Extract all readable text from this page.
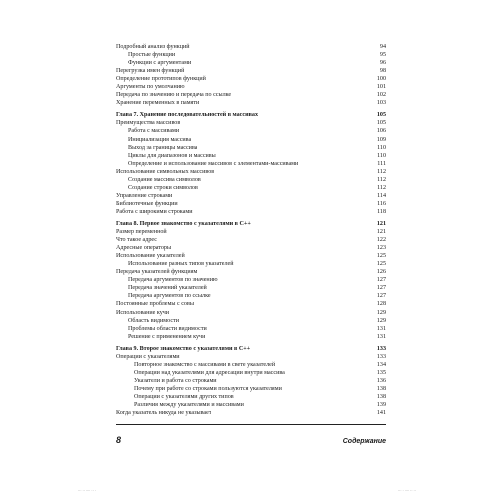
Подробный анализ функций	94
Простые функции	95
Функции с аргументами	96
Перегрузка имен функций	98
Определение прототипов функций	100
Аргументы по умолчанию	101
Передача по значению и передача по ссылке	102
Хранение переменных в памяти	103
Глава 7. Хранение последовательностей в массивах	105
Преимущества массивов	105
Работа с массивами	106
Инициализация массива	109
Выход за границы массива	110
Циклы для диапазонов и массивы	110
Определение и использование массивов с элементами-массивами	111
Использование символьных массивов	112
Создание массива символов	112
Создание строки символов	112
Управление строками	114
Библиотечные функции	116
Работа с широкими строками	118
Глава 8. Первое знакомство с указателями в C++	121
Размер переменной	121
Что такое адрес	122
Адресные операторы	123
Использование указателей	125
Использование разных типов указателей	125
Передача указателей функциям	126
Передача аргументов по значению	127
Передача значений указателей	127
Передача аргументов по ссылке	127
Постоянные проблемы с совы	128
Использование кучи	129
Область видимости	129
Проблемы области видимости	131
Решение с применением кучи	131
Глава 9. Второе знакомство с указателями в C++	133
Операции с указателями	133
Повторное знакомство с массивами в свете указателей	134
Операции над указателями для адресации внутри массива	135
Указатели и работа со строками	136
Почему при работе со строками пользуются указателями	138
Операции с указателями других типов	138
Различия между указателями и массивами	139
Когда указатель никуда не указывает	141
8	Содержание
··· ·· ···· ·· ·	··· · ···· ·· ··
